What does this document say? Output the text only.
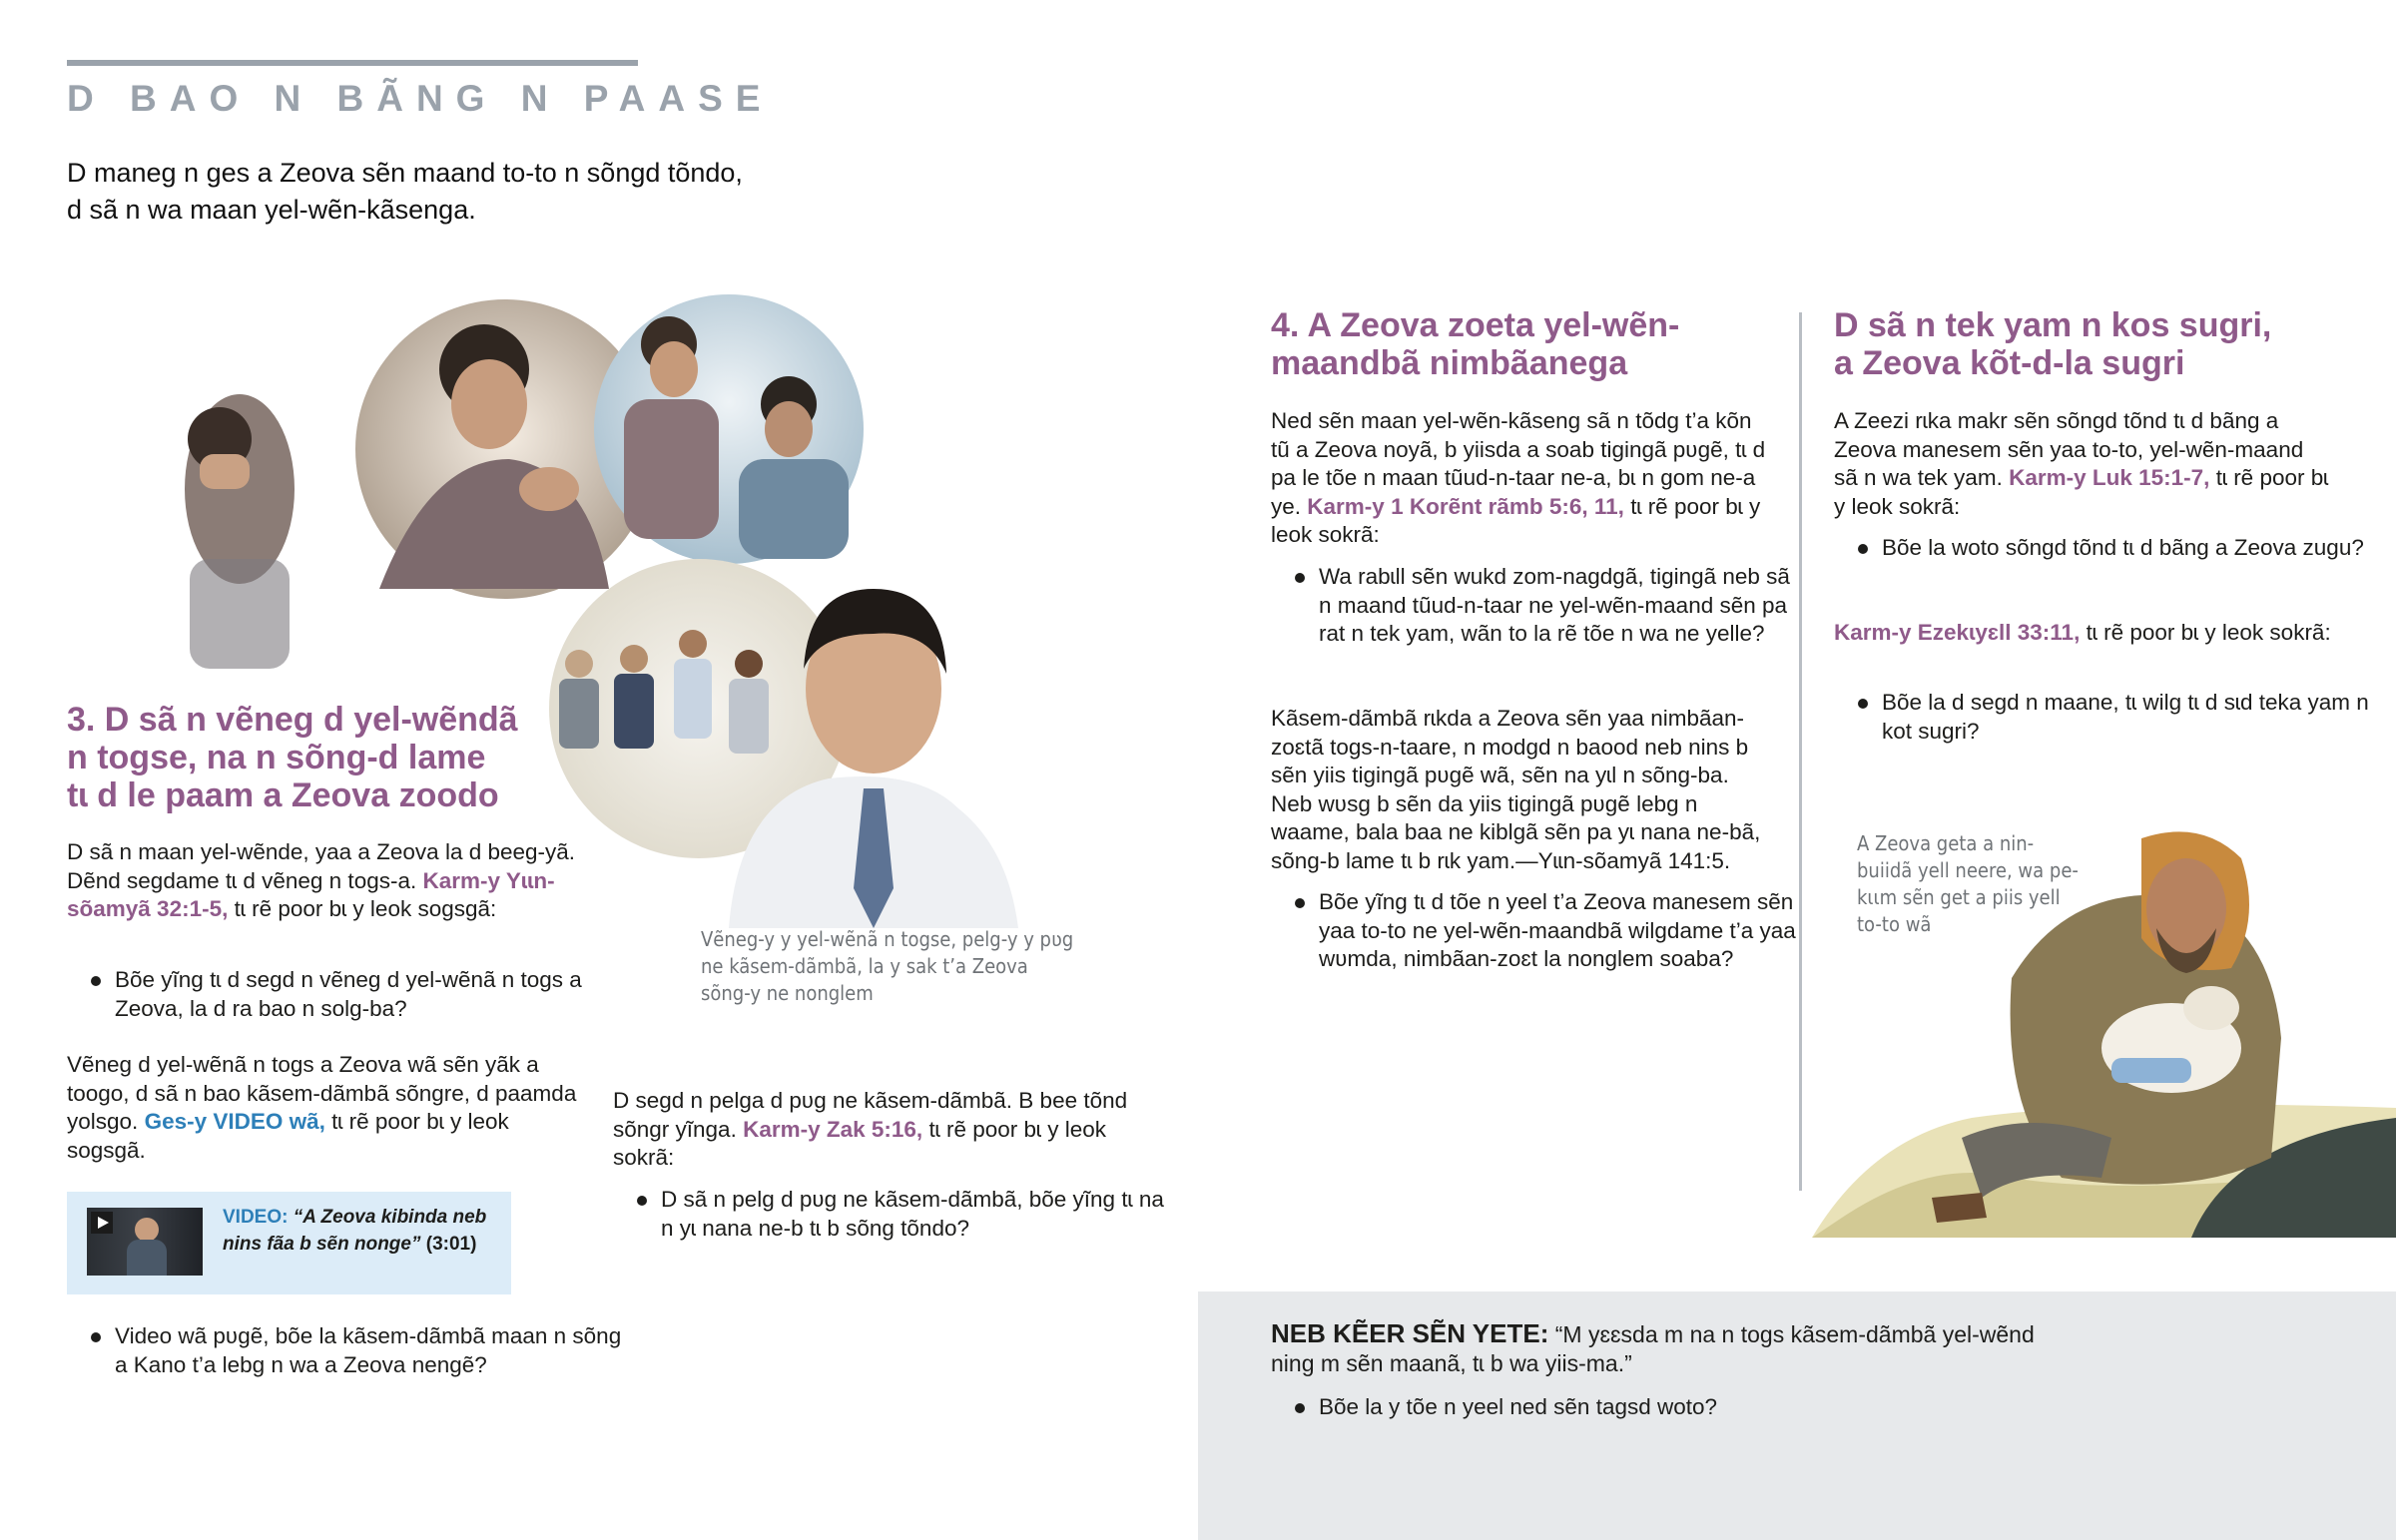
D BAO N BÃNG N PAASE
D maneg n ges a Zeova sẽn maand to-to n sõngd tõndo,
d sã n wa maan yel-wẽn-kãsenga.
3. D sã n vẽneg d yel-wẽndã
n togse, na n sõng-d lame
tɩ d le paam a Zeova zoodo
D sã n maan yel-wẽnde, yaa a Zeova la d beeg-yã. Dẽnd segdame tɩ d vẽneg n togs-a. Karm-y Yɩɩn-sõamyã 32:1-5, tɩ rẽ poor bɩ y leok sogsgã:
Bõe yĩng tɩ d segd n vẽneg d yel-wẽnã n togs a Zeova, la d ra bao n solg-ba?
Vẽneg d yel-wẽnã n togs a Zeova wã sẽn yãk a toogo, d sã n bao kãsem-dãmbã sõngre, d paamda yolsgo. Ges-y VIDEO wã, tɩ rẽ poor bɩ y leok sogsgã.
VIDEO: “A Zeova kibinda neb nins fãa b sẽn nonge” (3:01)
Video wã pʋgẽ, bõe la kãsem-dãmbã maan n sõng a Kano t’a lebg n wa a Zeova nengẽ?
Vẽneg-y y yel-wẽnã n togse, pelg-y y pʋg ne kãsem-dãmbã, la y sak t’a Zeova sõng-y ne nonglem
D segd n pelga d pʋg ne kãsem-dãmbã. B bee tõnd sõngr yĩnga. Karm-y Zak 5:16, tɩ rẽ poor bɩ y leok sokrã:
D sã n pelg d pʋg ne kãsem-dãmbã, bõe yĩng tɩ na n yɩ nana ne-b tɩ b sõng tõndo?
4. A Zeova zoeta yel-wẽn-
maandbã nimbãanega
Ned sẽn maan yel-wẽn-kãseng sã n tõdg t’a kõn tũ a Zeova noyã, b yiisda a soab tigingã pʋgẽ, tɩ d pa le tõe n maan tũud-n-taar ne-a, bɩ n gom ne-a ye. Karm-y 1 Korẽnt rãmb 5:6, 11, tɩ rẽ poor bɩ y leok sokrã:
Wa rabɩll sẽn wukd zom-nagdgã, tigingã neb sã n maand tũud-n-taar ne yel-wẽn-maand sẽn pa rat n tek yam, wãn to la rẽ tõe n wa ne yelle?
Kãsem-dãmbã rɩkda a Zeova sẽn yaa nimbãan-zoɛtã togs-n-taare, n modgd n baood neb nins b sẽn yiis tigingã pʋgẽ wã, sẽn na yɩl n sõng-ba. Neb wʋsg b sẽn da yiis tigingã pʋgẽ lebg n waame, bala baa ne kiblgã sẽn pa yɩ nana ne-bã, sõng-b lame tɩ b rɩk yam.—Yɩɩn-sõamyã 141:5.
Bõe yĩng tɩ d tõe n yeel t’a Zeova manesem sẽn yaa to-to ne yel-wẽn-maandbã wilgdame t’a yaa wʋmda, nimbãan-zoɛt la nonglem soaba?
D sã n tek yam n kos sugri,
a Zeova kõt-d-la sugri
A Zeezi rɩka makr sẽn sõngd tõnd tɩ d bãng a Zeova manesem sẽn yaa to-to, yel-wẽn-maand sã n wa tek yam. Karm-y Luk 15:1-7, tɩ rẽ poor bɩ y leok sokrã:
Bõe la woto sõngd tõnd tɩ d bãng a Zeova zugu?
Karm-y Ezekɩyɛll 33:11, tɩ rẽ poor bɩ y leok sokrã:
Bõe la d segd n maane, tɩ wilg tɩ d sɩd teka yam n kot sugri?
A Zeova geta a nin-buiidã yell neere, wa pe-kɩɩm sẽn get a piis yell to-to wã
NEB KẼER SẼN YETE: “M yɛɛsda m na n togs kãsem-dãmbã yel-wẽnd ning m sẽn maanã, tɩ b wa yiis-ma.”
Bõe la y tõe n yeel ned sẽn tagsd woto?
